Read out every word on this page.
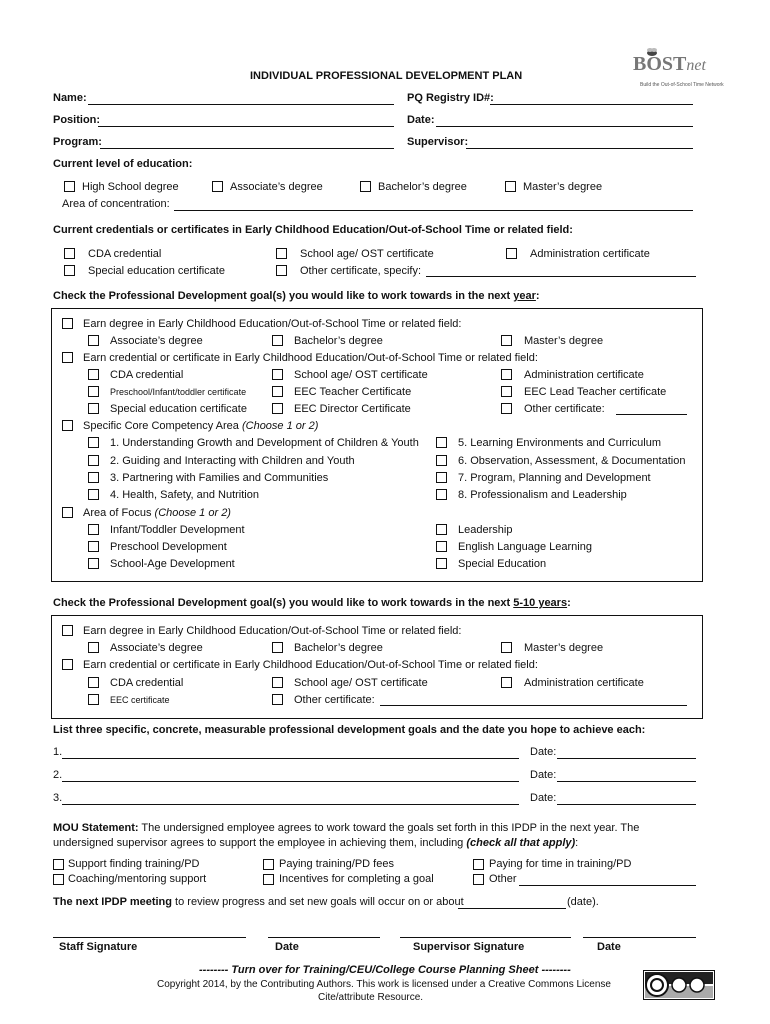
BOSTnet
Build the Out-of-School Time Network
INDIVIDUAL PROFESSIONAL DEVELOPMENT PLAN
Name:	PQ Registry ID#:
Position:	Date:
Program:	Supervisor:
Current level of education:
High School degree	Associate’s degree	Bachelor’s degree	Master’s degree
Area of concentration:
Current credentials or certificates in Early Childhood Education/Out-of-School Time or related field:
CDA credential	School age/ OST certificate	Administration certificate
Special education certificate	Other certificate, specify:
Check the Professional Development goal(s) you would like to work towards in the next year:
Earn degree in Early Childhood Education/Out-of-School Time or related field:
Associate’s degree	Bachelor’s degree	Master’s degree
Earn credential or certificate in Early Childhood Education/Out-of-School Time or related field:
CDA credential	School age/ OST certificate	Administration certificate
Preschool/Infant/toddler certificate	EEC Teacher Certificate	EEC Lead Teacher certificate
Special education certificate	EEC Director Certificate	Other certificate:
Specific Core Competency Area (Choose 1 or 2)
1. Understanding Growth and Development of Children & Youth	5. Learning Environments and Curriculum
2. Guiding and Interacting with Children and Youth	6. Observation, Assessment, & Documentation
3. Partnering with Families and Communities	7. Program, Planning and Development
4. Health, Safety, and Nutrition	8. Professionalism and Leadership
Area of Focus (Choose 1 or 2)
Infant/Toddler Development	Leadership
Preschool Development	English Language Learning
School-Age Development	Special Education
Check the Professional Development goal(s) you would like to work towards in the next 5-10 years:
Earn degree in Early Childhood Education/Out-of-School Time or related field:
Associate’s degree	Bachelor’s degree	Master’s degree
Earn credential or certificate in Early Childhood Education/Out-of-School Time or related field:
CDA credential	School age/ OST certificate	Administration certificate
EEC certificate	Other certificate:
List three specific, concrete, measurable professional development goals and the date you hope to achieve each:
1.	Date:
2.	Date:
3.	Date:
MOU Statement: The undersigned employee agrees to work toward the goals set forth in this IPDP in the next year. The
undersigned supervisor agrees to support the employee in achieving them, including (check all that apply):
Support finding training/PD	Paying training/PD fees	Paying for time in training/PD
Coaching/mentoring support	Incentives for completing a goal	Other
The next IPDP meeting to review progress and set new goals will occur on or about	(date).
Staff Signature	Date	Supervisor Signature	Date
-------- Turn over for Training/CEU/College Course Planning Sheet --------
Copyright 2014, by the Contributing Authors. This work is licensed under a Creative Commons License
Cite/attribute Resource.
